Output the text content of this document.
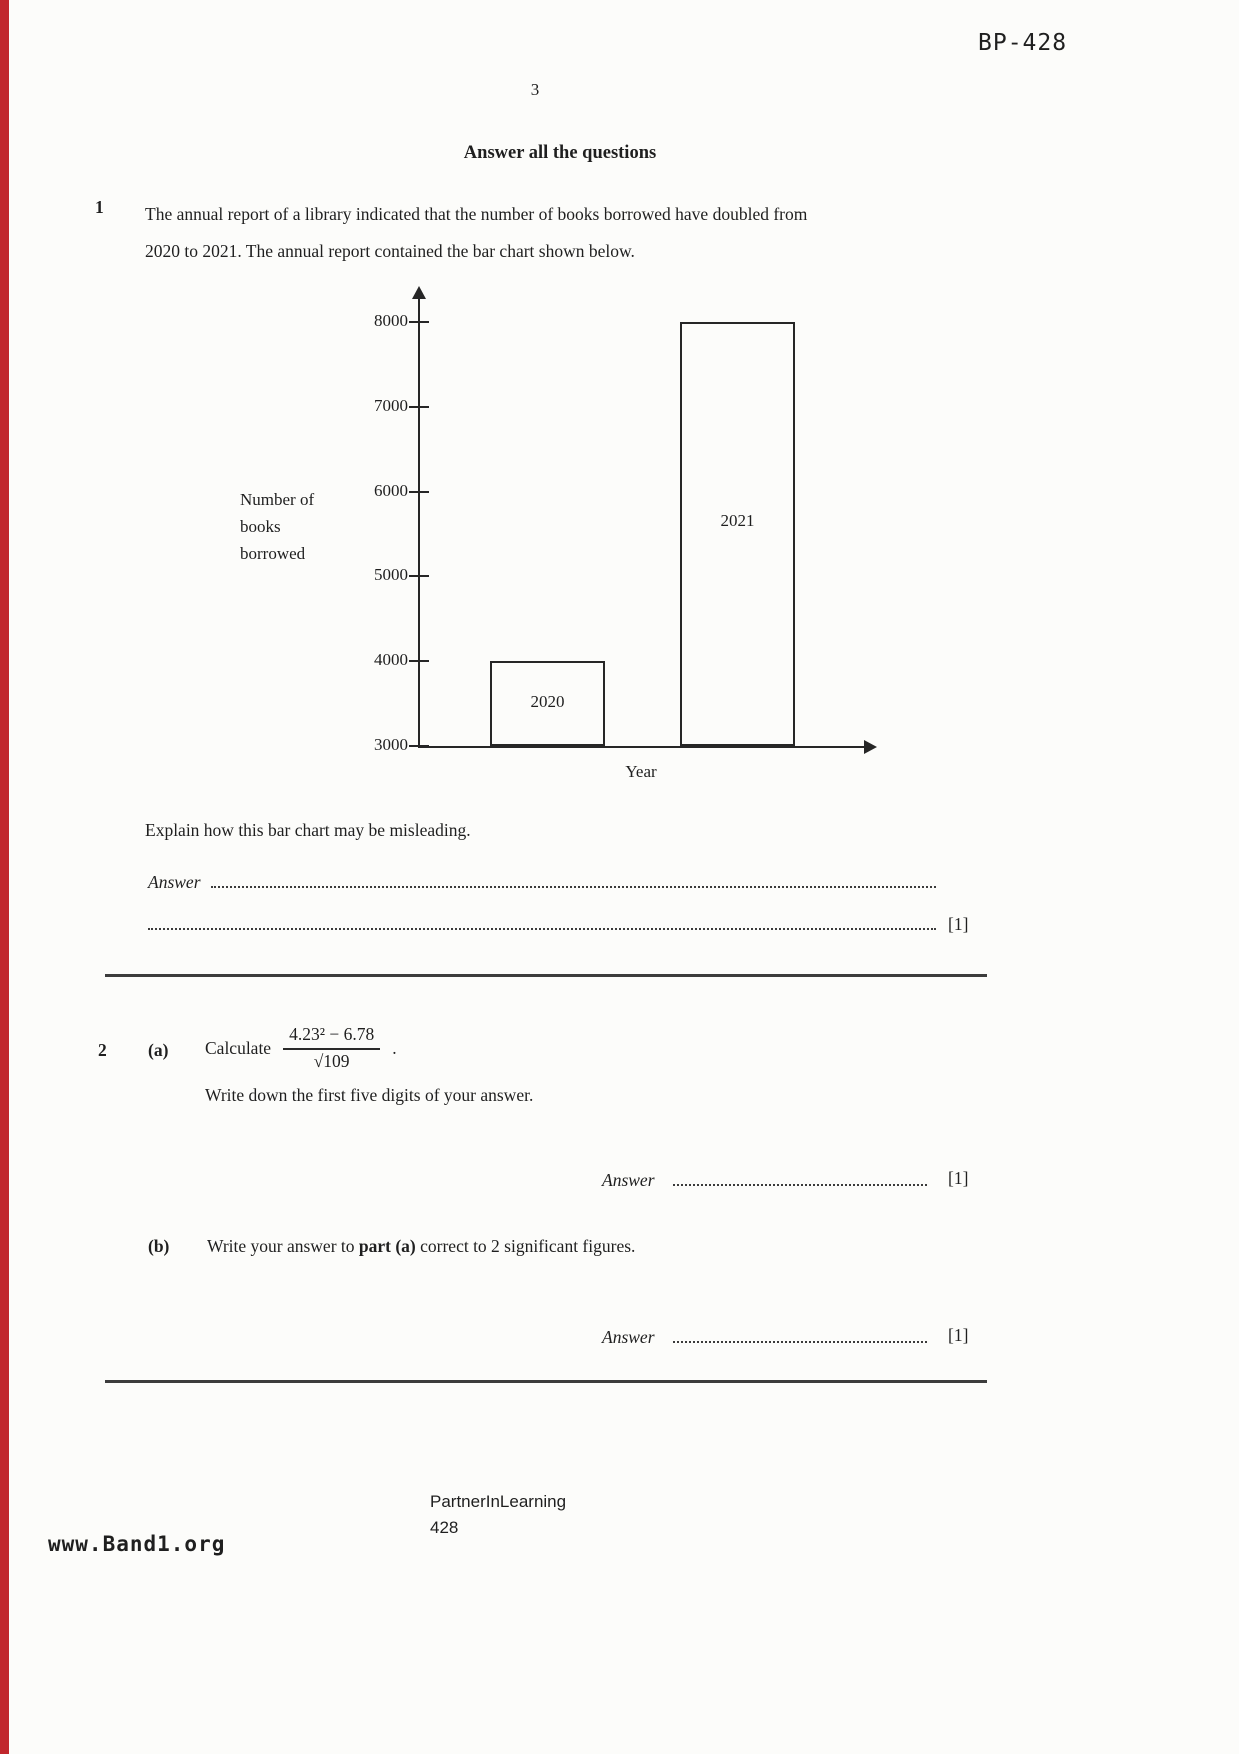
BP-428
3
Answer all the questions
1 The annual report of a library indicated that the number of books borrowed have doubled from
2020 to 2021. The annual report contained the bar chart shown below.
Number of books borrowed
Year
3000
4000
5000
6000
7000
8000
2020
2021
Explain how this bar chart may be misleading.
Answer
[1]
2 (a) Calculate $\frac{\text{4.23² − 6.78}}{√109}$ .
Write down the first five digits of your answer.
Answer	[1]
(b) Write your answer to part (a) correct to 2 significant figures.
Answer	[1]
PartnerInLearning
428
www.Band1.org
